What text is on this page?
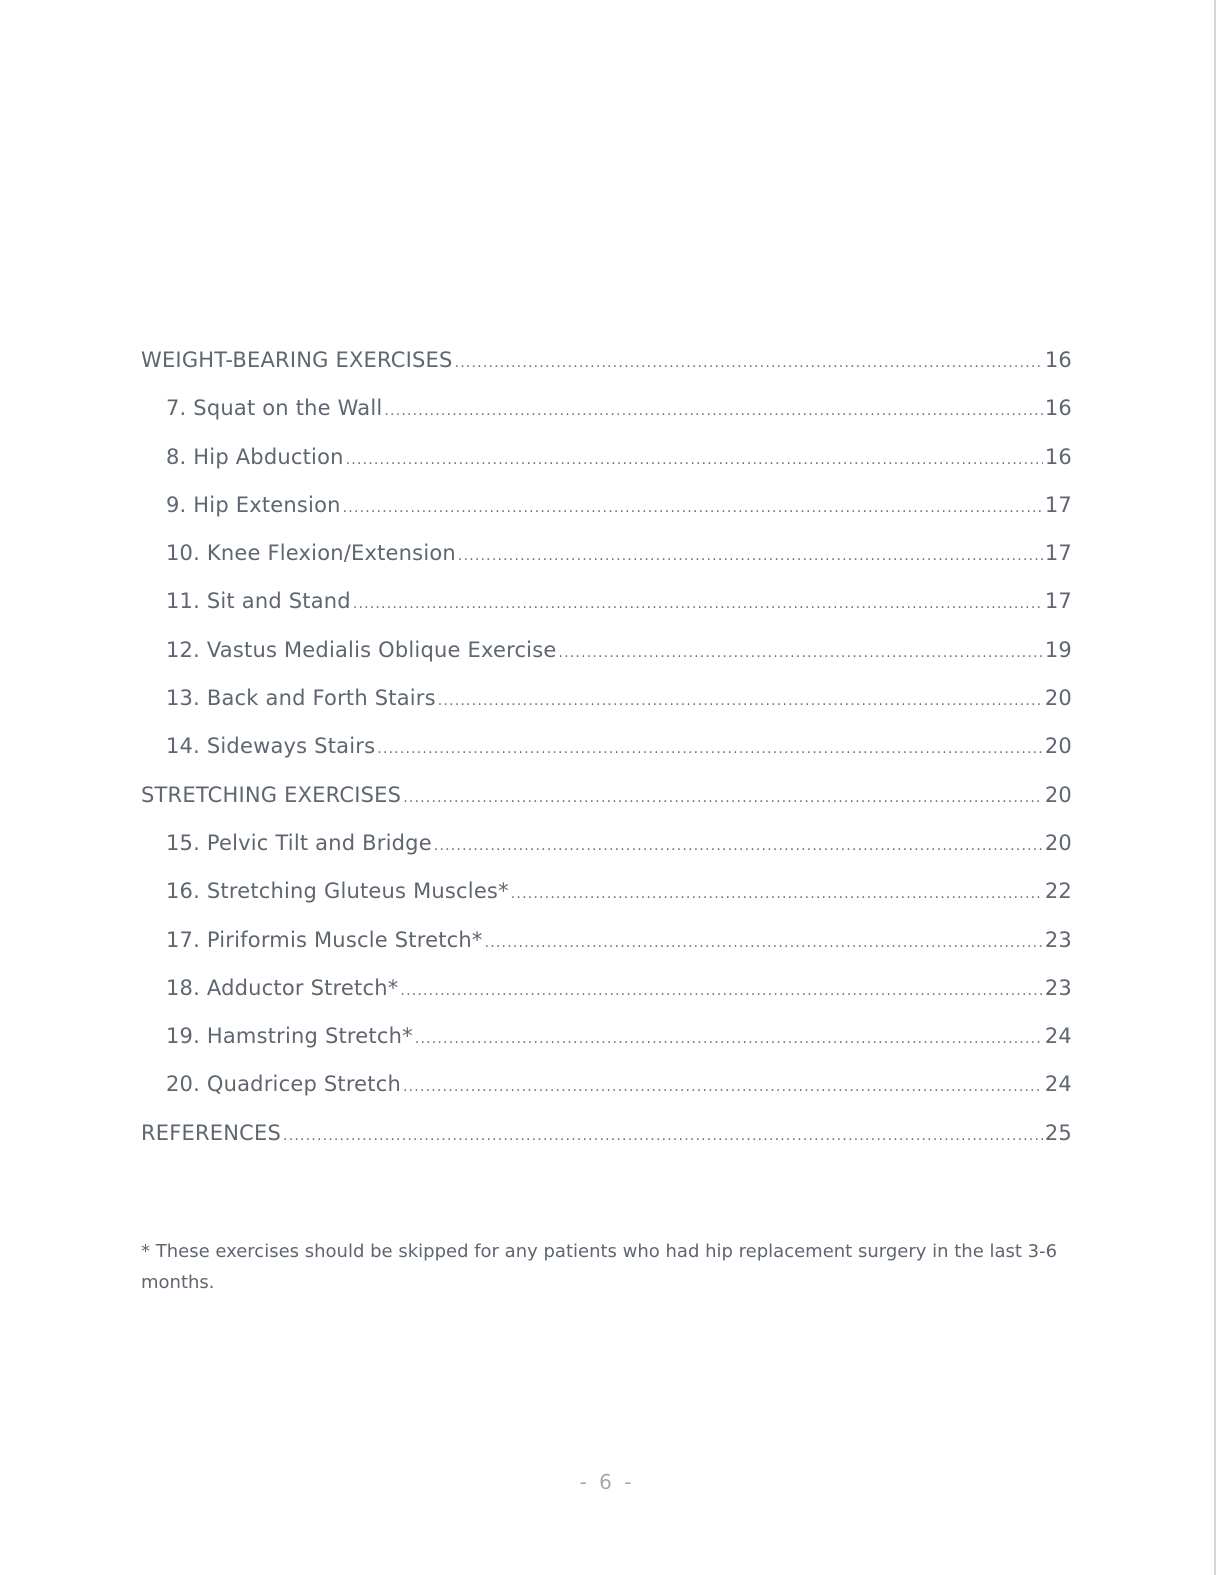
WEIGHT-BEARING EXERCISES .....	16
7. Squat on the Wall .....	16
8. Hip Abduction .....	16
9. Hip Extension .....	17
10. Knee Flexion/Extension .....	17
11. Sit and Stand .....	17
12. Vastus Medialis Oblique Exercise .....	19
13. Back and Forth Stairs .....	20
14. Sideways Stairs .....	20
STRETCHING EXERCISES .....	20
15. Pelvic Tilt and Bridge .....	20
16. Stretching Gluteus Muscles* .....	22
17. Piriformis Muscle Stretch* .....	23
18. Adductor Stretch* .....	23
19. Hamstring Stretch* .....	24
20. Quadricep Stretch .....	24
REFERENCES .....	25

* These exercises should be skipped for any patients who had hip replacement surgery in the last 3-6 months.

- 6 -
